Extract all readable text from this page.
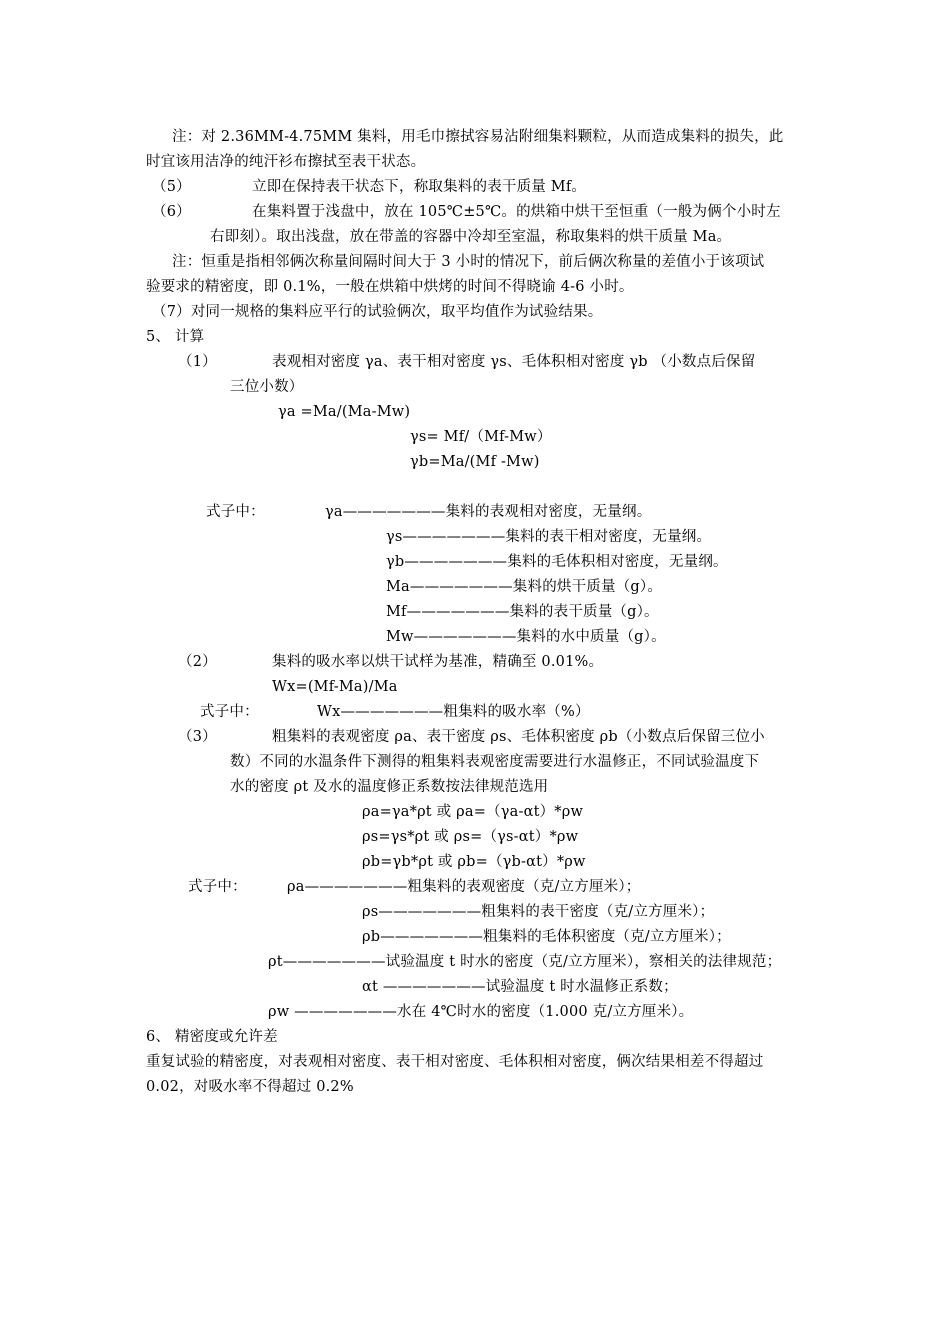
注：对 2.36MM-4.75MM 集料，用毛巾擦拭容易沾附细集料颗粒，从而造成集料的损失，此
时宜该用洁净的纯汗衫布擦拭至表干状态。
（5）	立即在保持表干状态下，称取集料的表干质量 Mf。
（6）	在集料置于浅盘中，放在 105℃±5℃。的烘箱中烘干至恒重（一般为俩个小时左
右即刻）。取出浅盘，放在带盖的容器中冷却至室温，称取集料的烘干质量 Ma。
注：恒重是指相邻俩次称量间隔时间大于 3 小时的情况下，前后俩次称量的差值小于该项试
验要求的精密度，即 0.1%，一般在烘箱中烘烤的时间不得晓谕 4-6 小时。
（7）对同一规格的集料应平行的试验俩次，取平均值作为试验结果。
5、 计算
（1）	表观相对密度 γa、表干相对密度 γs、毛体积相对密度 γb （小数点后保留
三位小数）
γa =Ma/(Ma-Mw)
γs= Mf/（Mf-Mw）
γb=Ma/(Mf -Mw)
式子中：	γa———————集料的表观相对密度，无量纲。
γs———————集料的表干相对密度，无量纲。
γb———————集料的毛体积相对密度，无量纲。
Ma———————集料的烘干质量（g）。
Mf———————集料的表干质量（g）。
Mw———————集料的水中质量（g）。
（2）	集料的吸水率以烘干试样为基准，精确至 0.01%。
Wx=(Mf-Ma)/Ma
式子中：	Wx———————粗集料的吸水率（%）
（3）	粗集料的表观密度 ρa、表干密度 ρs、毛体积密度 ρb（小数点后保留三位小
数）不同的水温条件下测得的粗集料表观密度需要进行水温修正，不同试验温度下
水的密度 ρt 及水的温度修正系数按法律规范选用
ρa=γa*ρt 或 ρa=（γa-αt）*ρw
ρs=γs*ρt 或 ρs=（γs-αt）*ρw
ρb=γb*ρt 或 ρb=（γb-αt）*ρw
式子中：	ρa———————粗集料的表观密度（克/立方厘米）；
ρs———————粗集料的表干密度（克/立方厘米）；
ρb———————粗集料的毛体积密度（克/立方厘米）；
ρt———————试验温度 t 时水的密度（克/立方厘米），察相关的法律规范；
αt ———————试验温度 t 时水温修正系数；
ρw ———————水在 4℃时水的密度（1.000 克/立方厘米）。
6、 精密度或允许差
重复试验的精密度，对表观相对密度、表干相对密度、毛体积相对密度，俩次结果相差不得超过
0.02，对吸水率不得超过 0.2%
